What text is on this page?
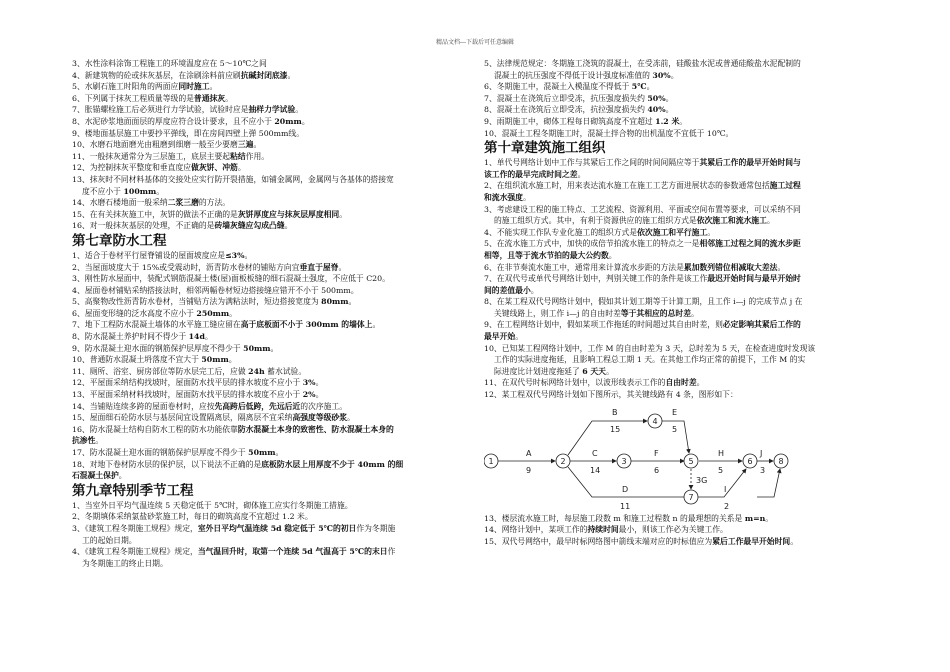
精品文档---下载后可任意编辑

3、水性涂料涂饰工程施工的环境温度应在 5～10℃之间

4、新建筑物的砼或抹灰基层，在涂刷涂料前应刷抗碱封闭底漆。

5、水刷石施工时阳角的两面应同时施工。

6、下列属于抹灰工程质量等级的是普通抹灰。

7、胀锚螺栓施工后必须进行力学试验，试验时应是抽样力学试验。

8、水泥砂浆地面面层的厚度应符合设计要求，且不应小于 20mm。

9、楼地面基层施工中要抄平弹线，即在房间四壁上弹 500mm线。

10、水磨石地面磨光由粗磨到细磨一般至少要磨三遍。

11、一般抹灰通常分为三层施工，底层主要起粘结作用。

12、为控制抹灰平整度和垂直度应做灰饼、冲筋。

13、抹灰时不同材料基体的交接处应实行防开裂措施，如铺金属网，金属网与各基体的搭接宽

度不应小于 100mm。

14、水磨石楼地面一般采纳二浆三磨的方法。

15、在有关抹灰施工中，灰饼的做法不正确的是灰饼厚度应与抹灰层厚度相同。

16、对一般抹灰基层的处理，不正确的是砖墙灰缝应勾成凸缝。

第七章防水工程

1、适合于卷材平行屋脊铺设的屋面坡度应是≤3%。

2、当屋面坡度大于 15%或受震动时，沥青防水卷材的铺贴方向宜垂直于屋脊。

3、刚性防水屋面中，装配式钢筋混凝土楼(屋)面板板缝的细石混凝土强度，不应低于 C20。

4、屋面卷材铺贴采纳搭接法时，相邻两幅卷材短边搭接缝应错开不小于 500mm。

5、高聚物改性沥青防水卷材，当铺贴方法为满粘法时，短边搭接宽度为 80mm。

6、屋面变形缝的泛水高度不应小于 250mm。

7、地下工程防水混凝土墙体的水平施工缝应留在高于底板面不小于 300mm 的墙体上。

8、防水混凝土养护时间不得少于 14d。

9、防水混凝土迎水面的钢筋保护层厚度不得少于 50mm。

10、普通防水混凝土坍落度不宜大于 50mm。

11、厕所、浴室、厨房部位等防水层完工后，应做 24h 蓄水试验。

12、平屋面采纳结构找坡时，屋面防水找平层的排水坡度不应小于 3%。

13、平屋面采纳材料找坡时，屋面防水找平层的排水坡度不应小于 2%。

14、当铺贴连续多跨的屋面卷材时，应按先高跨后低跨，先远后近的次序施工。

15、屋面细石砼防水层与基层间宜设置隔离层，隔离层不宜采纳高强度等级砂浆。

16、防水混凝土结构自防水工程的防水功能依靠防水混凝土本身的致密性、防水混凝土本身的

抗渗性。

17、防水混凝土迎水面的钢筋保护层厚度不得少于 50mm。

18、对地下卷材防水层的保护层，以下说法不正确的是底板防水层上用厚度不少于 40mm 的细

石混凝土保护。

第九章特别季节工程

1、当室外日平均气温连续 5 天稳定低于 5℃时，砌体施工应实行冬期施工措施。

2、冬期填体采纳氯盐砂浆施工时，每日的砌筑高度不宜超过 1.2 米。

3、《建筑工程冬期施工规程》规定，室外日平均气温连续 5d 稳定低于 5℃的初日作为冬期施

工的起始日期。

4、《建筑工程冬期施工规程》规定，当气温回升时，取第一个连续 5d 气温高于 5℃的末日作

为冬期施工的终止日期。

5、法律规范规定：冬期施工浇筑的混凝土，在受冻前，硅酸盐水泥或普通硅酸盐水泥配制的

混凝土的抗压强度不得低于设计强度标准值的 30%。

6、冬期施工中，混凝土入模温度不得低于 5℃。

7、混凝土在浇筑后立即受冻，抗压强度损失约 50%。

8、混凝土在浇筑后立即受冻，抗拉强度损失约 40%。

9、雨期施工中，砌体工程每日砌筑高度不宜超过 1.2 米。

10、混凝土工程冬期施工时，混凝土拌合物的出机温度不宜低于 10℃。

第十章建筑施工组织

1、单代号网络计划中工作与其紧后工作之间的时间间隔应等于其紧后工作的最早开始时间与

该工作的最早完成时间之差。

2、在组织流水施工时，用来表达流水施工在施工工艺方面进展状态的参数通常包括施工过程

和流水强度。

3、考虑建设工程的施工特点、工艺流程、资源利用、平面或空间布置等要求，可以采纳不同

的施工组织方式。其中，有利于资源供应的施工组织方式是依次施工和流水施工。

4、不能实现工作队专业化施工的组织方式是依次施工和平行施工。

5、在流水施工方式中，加快的成倍节拍流水施工的特点之一是相邻施工过程之间的流水步距

相等，且等于流水节拍的最大公约数。

6、在非节奏流水施工中，通常用来计算流水步距的方法是累加数列错位相减取大差法。

7、在双代号或单代号网络计划中，判别关键工作的条件是该工作最迟开始时间与最早开始时

间的差值最小。

8、在某工程双代号网络计划中，假如其计划工期等于计算工期，且工作 i—j 的完成节点 j 在

关键线路上，则工作 i—j 的自由时差等于其相应的总时差。

9、在工程网络计划中，假如某项工作拖延的时间超过其自由时差，则必定影响其紧后工作的

最早开始。

10、已知某工程网络计划中，工作 M 的自由时差为 3 天，总时差为 5 天，在检查进度时发现该

工作的实际进度拖延，且影响工程总工期 1 天。在其他工作均正常的前提下，工作 M 的实

际进度比计划进度拖延了 6 天天。

11、在双代号时标网络计划中，以波形线表示工作的自由时差。

12、某工程双代号网络计划如下图所示，其关键线路有 4 条，图形如下：

A
9
B
15
C
14
D
11
E
5
F
6
H
5
I
2
J
3
3G
1	2	3
4
5	6
7
8

13、楼层流水施工时，每层施工段数 m 和施工过程数 n 的最理想的关系是 m=n。

14、网络计划中，某项工作的持续时间最小，则该工作必为关键工作。

15、双代号网络中，最早时标网络图中箭线末端对应的时标值应为紧后工作最早开始时间。
